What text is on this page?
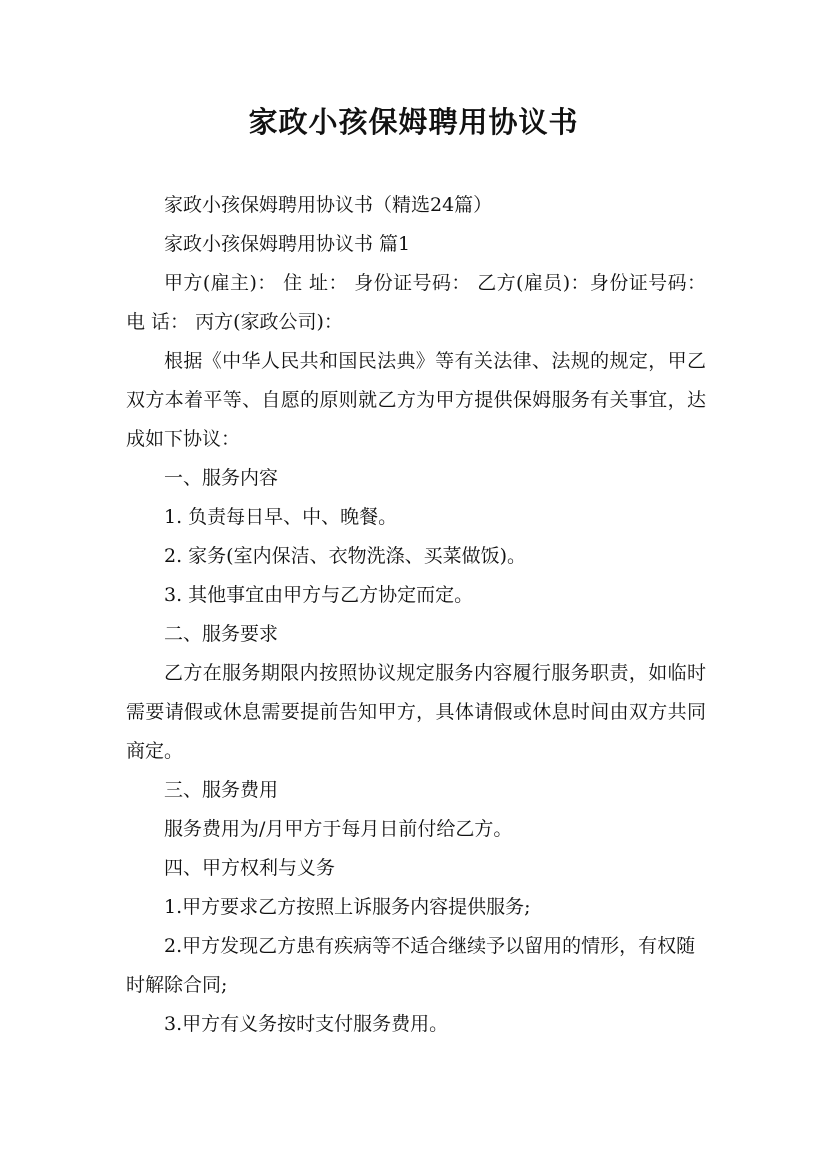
家政小孩保姆聘用协议书

家政小孩保姆聘用协议书（精选24篇）

家政小孩保姆聘用协议书 篇1

甲方(雇主)： 住 址： 身份证号码： 乙方(雇员)：身份证号码： 电 话： 丙方(家政公司)：

根据《中华人民共和国民法典》等有关法律、法规的规定，甲乙双方本着平等、自愿的原则就乙方为甲方提供保姆服务有关事宜，达成如下协议：

一、服务内容

1. 负责每日早、中、晚餐。

2. 家务(室内保洁、衣物洗涤、买菜做饭)。

3. 其他事宜由甲方与乙方协定而定。

二、服务要求

乙方在服务期限内按照协议规定服务内容履行服务职责，如临时需要请假或休息需要提前告知甲方，具体请假或休息时间由双方共同商定。

三、服务费用

服务费用为/月甲方于每月日前付给乙方。

四、甲方权利与义务

1.甲方要求乙方按照上诉服务内容提供服务;

2.甲方发现乙方患有疾病等不适合继续予以留用的情形，有权随时解除合同;

3.甲方有义务按时支付服务费用。
